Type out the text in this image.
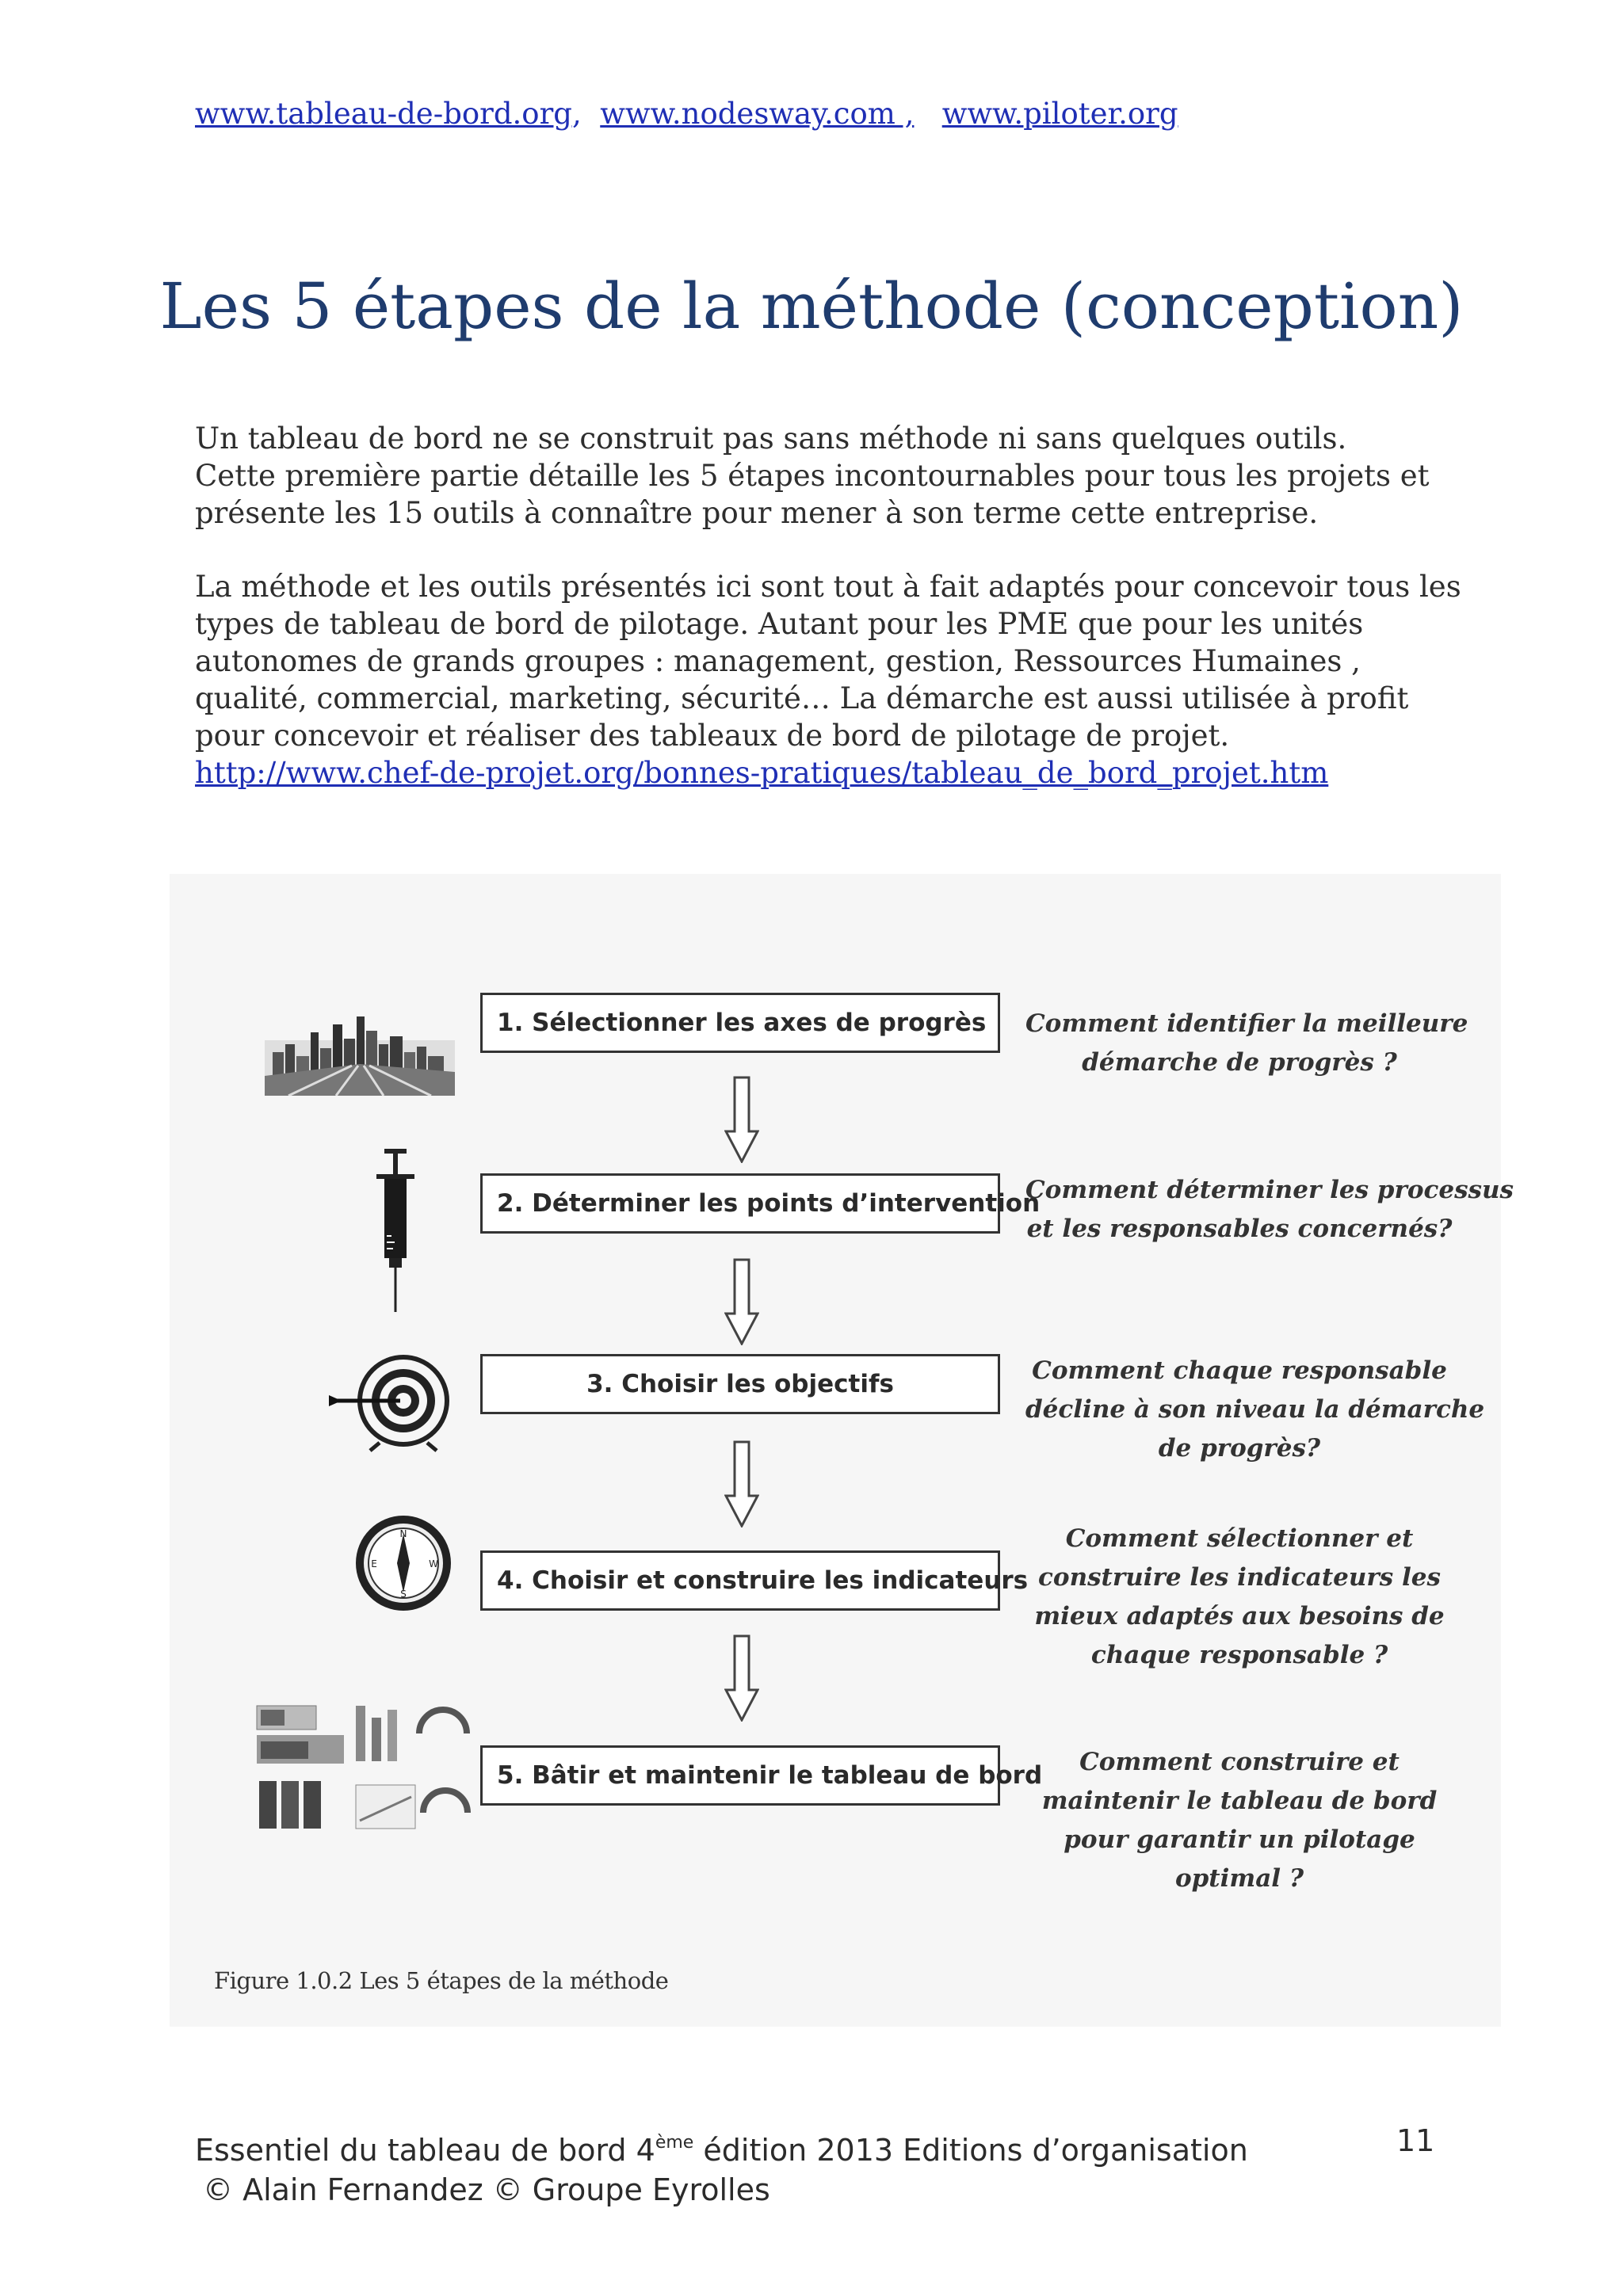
www.tableau-de-bord.org, www.nodesway.com , www.piloter.org
Les 5 étapes de la méthode (conception)

Un tableau de bord ne se construit pas sans méthode ni sans quelques outils.
Cette première partie détaille les 5 étapes incontournables pour tous les projets et
présente les 15 outils à connaître pour mener à son terme cette entreprise.

La méthode et les outils présentés ici sont tout à fait adaptés pour concevoir tous les
types de tableau de bord de pilotage. Autant pour les PME que pour les unités
autonomes de grands groupes : management, gestion, Ressources Humaines ,
qualité, commercial, marketing, sécurité… La démarche est aussi utilisée à profit
pour concevoir et réaliser des tableaux de bord de pilotage de projet.
http://www.chef-de-projet.org/bonnes-pratiques/tableau_de_bord_projet.htm

N
E	W
S
1. Sélectionner les axes de progrès
2. Déterminer les points d’intervention
3. Choisir les objectifs
4. Choisir et construire les indicateurs
5. Bâtir et maintenir le tableau de bord
Comment identifier la meilleure
démarche de progrès ?
Comment déterminer les processus
et les responsables concernés?
Comment chaque responsable
décline à son niveau la démarche
de progrès?
Comment sélectionner et
construire les indicateurs les
mieux adaptés aux besoins de
chaque responsable ?
Comment construire et
maintenir le tableau de bord
pour garantir un pilotage
optimal ?
Figure 1.0.2 Les 5 étapes de la méthode
Essentiel du tableau de bord 4ème édition 2013 Editions d’organisation
© Alain Fernandez © Groupe Eyrolles
11
